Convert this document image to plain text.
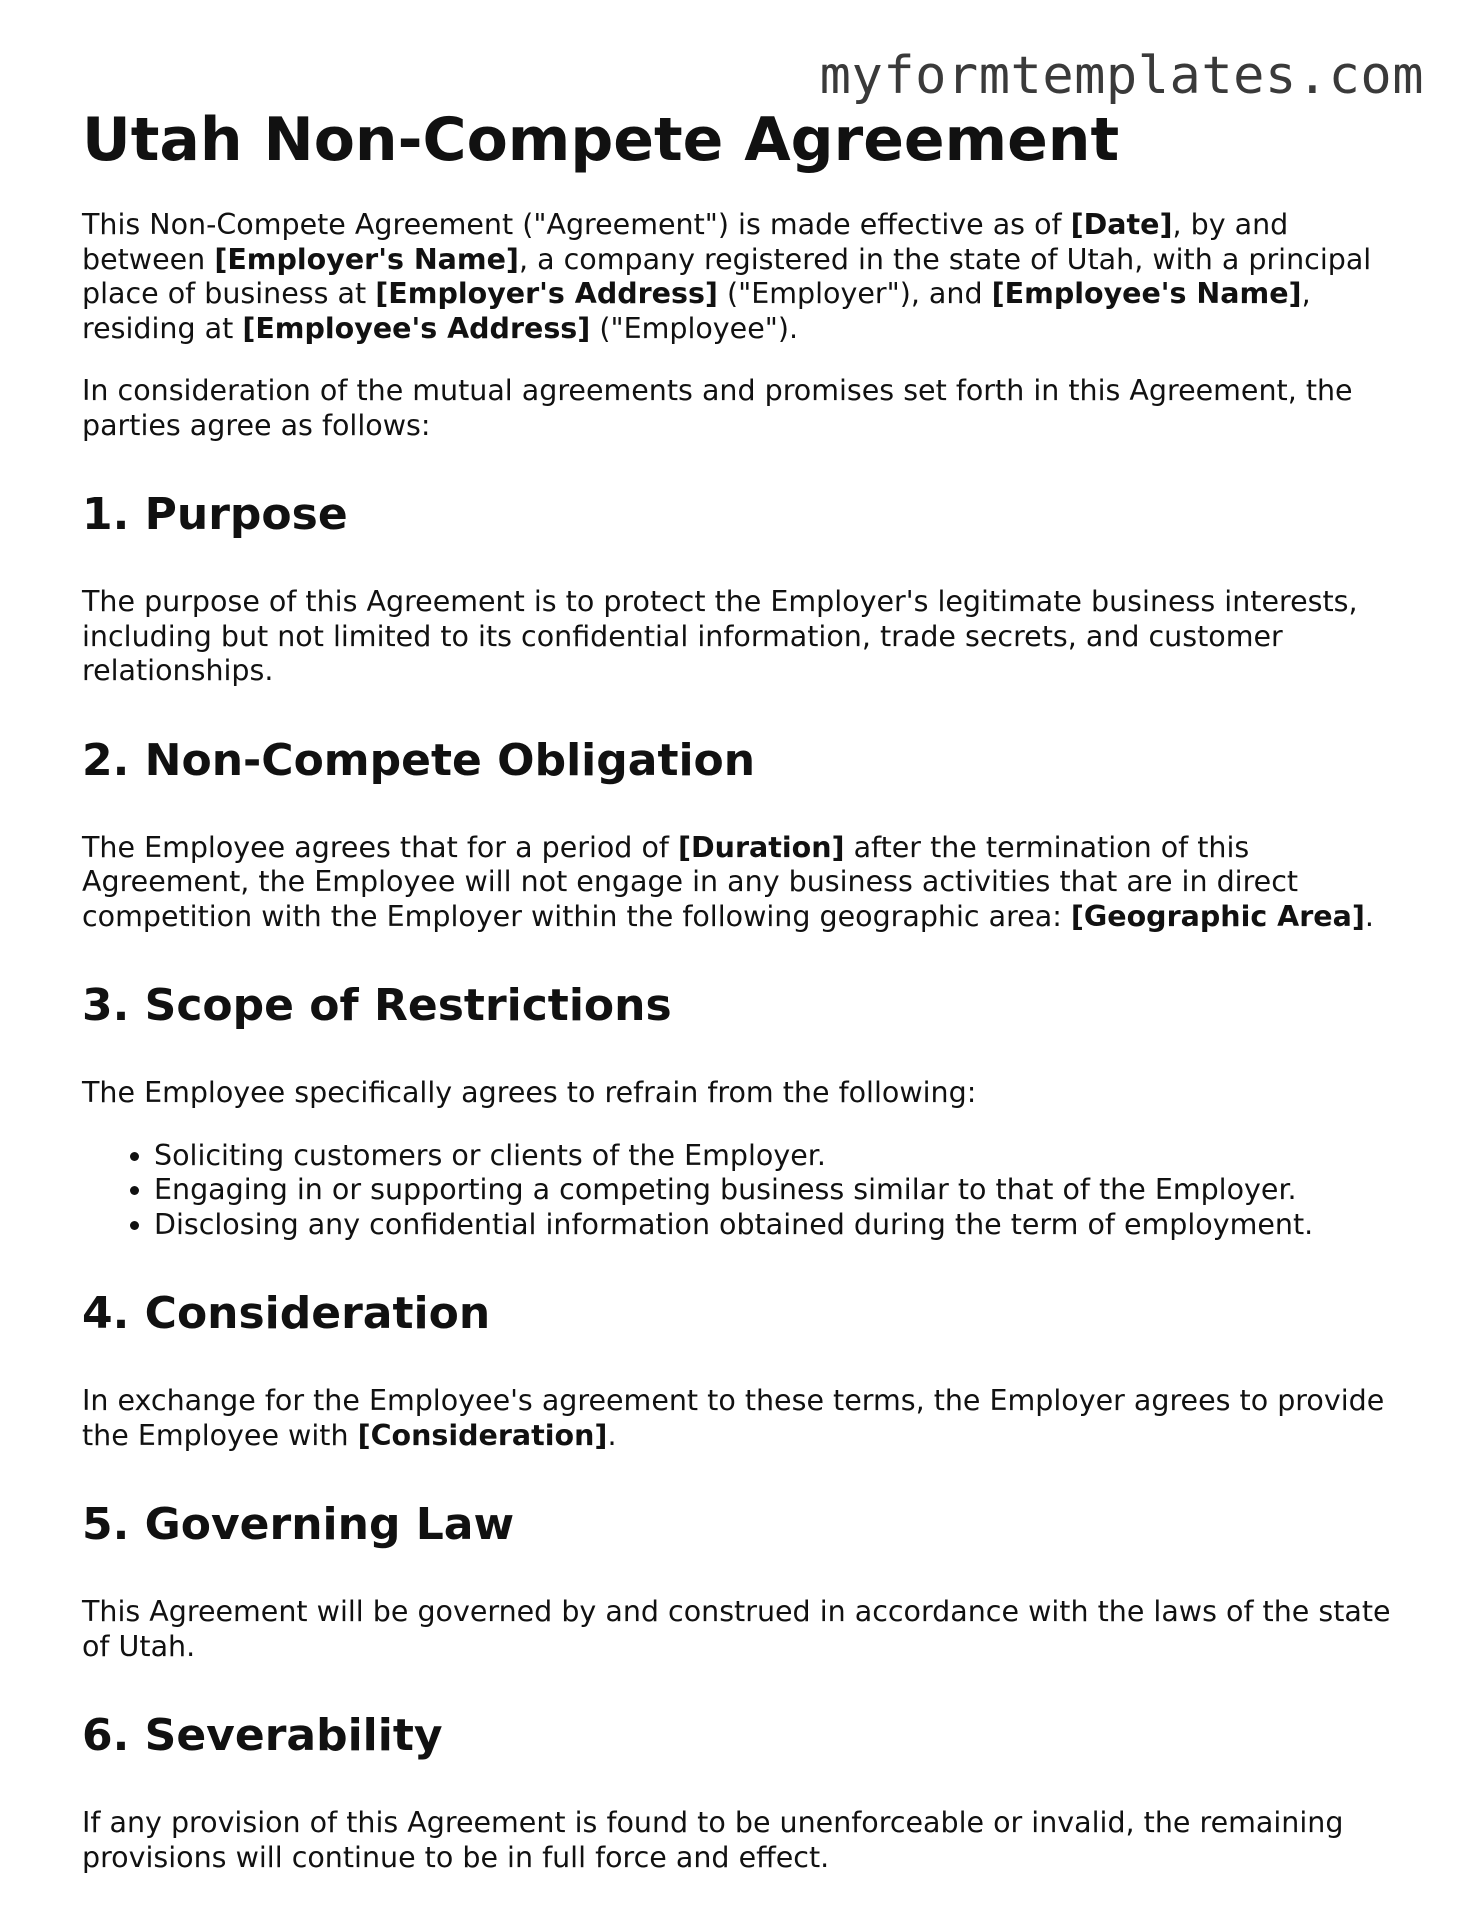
myformtemplates.com
Utah Non-Compete Agreement

This Non-Compete Agreement ("Agreement") is made effective as of [Date], by and between [Employer's Name], a company registered in the state of Utah, with a principal place of business at [Employer's Address] ("Employer"), and [Employee's Name], residing at [Employee's Address] ("Employee").

In consideration of the mutual agreements and promises set forth in this Agreement, the parties agree as follows:

1. Purpose

The purpose of this Agreement is to protect the Employer's legitimate business interests, including but not limited to its confidential information, trade secrets, and customer relationships.

2. Non-Compete Obligation

The Employee agrees that for a period of [Duration] after the termination of this Agreement, the Employee will not engage in any business activities that are in direct competition with the Employer within the following geographic area: [Geographic Area].

3. Scope of Restrictions

The Employee specifically agrees to refrain from the following:

• Soliciting customers or clients of the Employer.
• Engaging in or supporting a competing business similar to that of the Employer.
• Disclosing any confidential information obtained during the term of employment.
4. Consideration

In exchange for the Employee's agreement to these terms, the Employer agrees to provide the Employee with [Consideration].

5. Governing Law

This Agreement will be governed by and construed in accordance with the laws of the state of Utah.

6. Severability

If any provision of this Agreement is found to be unenforceable or invalid, the remaining provisions will continue to be in full force and effect.
